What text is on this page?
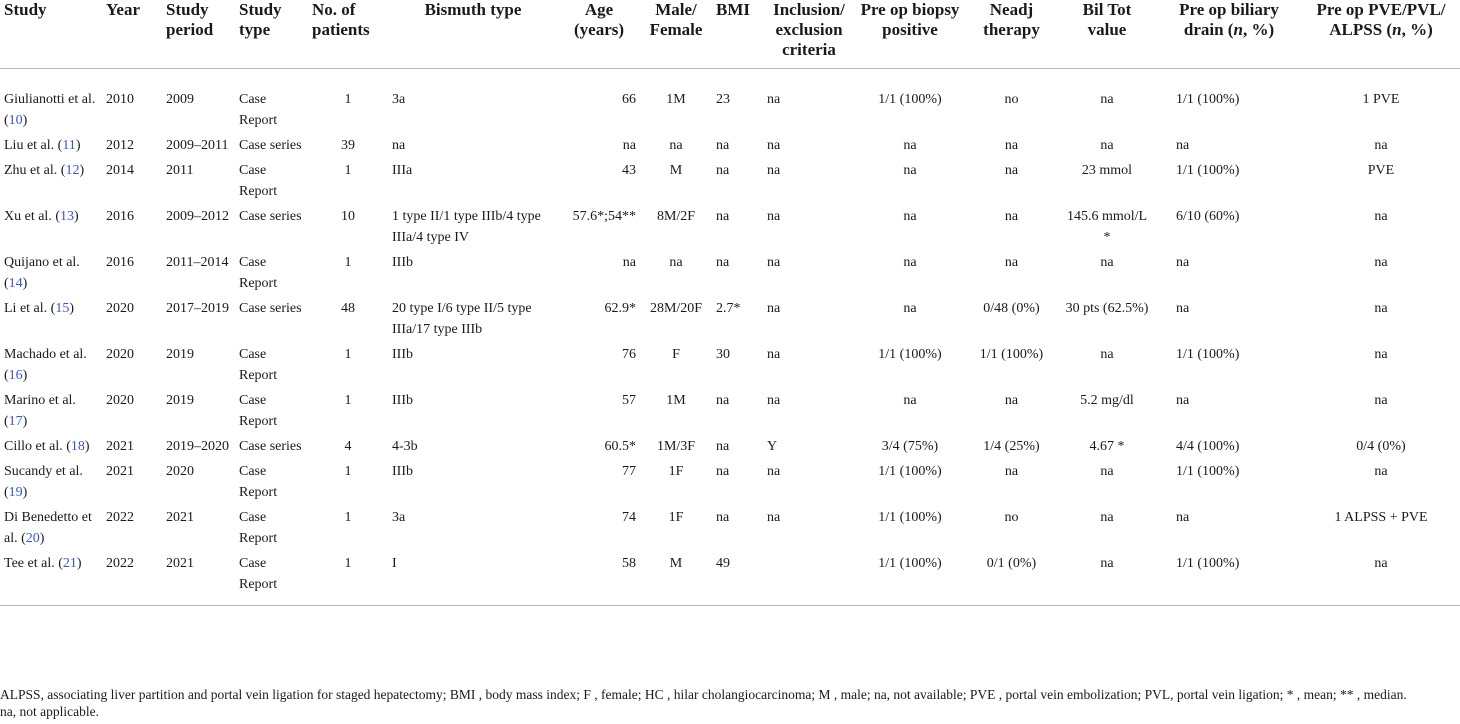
Study	Year	Study period	Study type	No. of patients	Bismuth type	Age (years)	Male/ Female	BMI	Inclusion/ exclusion criteria	Pre op biopsy positive	Neadj therapy	Bil Tot value	Pre op biliary drain (n, %)	Pre op PVE/PVL/ ALPSS (n, %)
Giulianotti et al. (10)	2010	2009	Case Report	1	3a	66	1M	23	na	1/1 (100%)	no	na	1/1 (100%)	1 PVE
Liu et al. (11)	2012	2009–2011	Case series	39	na	na	na	na	na	na	na	na	na	na
Zhu et al. (12)	2014	2011	Case Report	1	IIIa	43	M	na	na	na	na	23 mmol	1/1 (100%)	PVE
Xu et al. (13)	2016	2009–2012	Case series	10	1 type II/1 type IIIb/4 type IIIa/4 type IV	57.6*;54**	8M/2F	na	na	na	na	145.6 mmol/L *	6/10 (60%)	na
Quijano et al. (14)	2016	2011–2014	Case Report	1	IIIb	na	na	na	na	na	na	na	na	na
Li et al. (15)	2020	2017–2019	Case series	48	20 type I/6 type II/5 type IIIa/17 type IIIb	62.9*	28M/20F	2.7*	na	na	0/48 (0%)	30 pts (62.5%)	na	na
Machado et al. (16)	2020	2019	Case Report	1	IIIb	76	F	30	na	1/1 (100%)	1/1 (100%)	na	1/1 (100%)	na
Marino et al. (17)	2020	2019	Case Report	1	IIIb	57	1M	na	na	na	na	5.2 mg/dl	na	na
Cillo et al. (18)	2021	2019–2020	Case series	4	4-3b	60.5*	1M/3F	na	Y	3/4 (75%)	1/4 (25%)	4.67 *	4/4 (100%)	0/4 (0%)
Sucandy et al. (19)	2021	2020	Case Report	1	IIIb	77	1F	na	na	1/1 (100%)	na	na	1/1 (100%)	na
Di Benedetto et al. (20)	2022	2021	Case Report	1	3a	74	1F	na	na	1/1 (100%)	no	na	na	1 ALPSS + PVE
Tee et al. (21)	2022	2021	Case Report	1	I	58	M	49		1/1 (100%)	0/1 (0%)	na	1/1 (100%)	na
ALPSS, associating liver partition and portal vein ligation for staged hepatectomy; BMI , body mass index; F , female; HC , hilar cholangiocarcinoma; M , male; na, not available; PVE , portal vein embolization; PVL, portal vein ligation; * , mean; ** , median.
na, not applicable.
